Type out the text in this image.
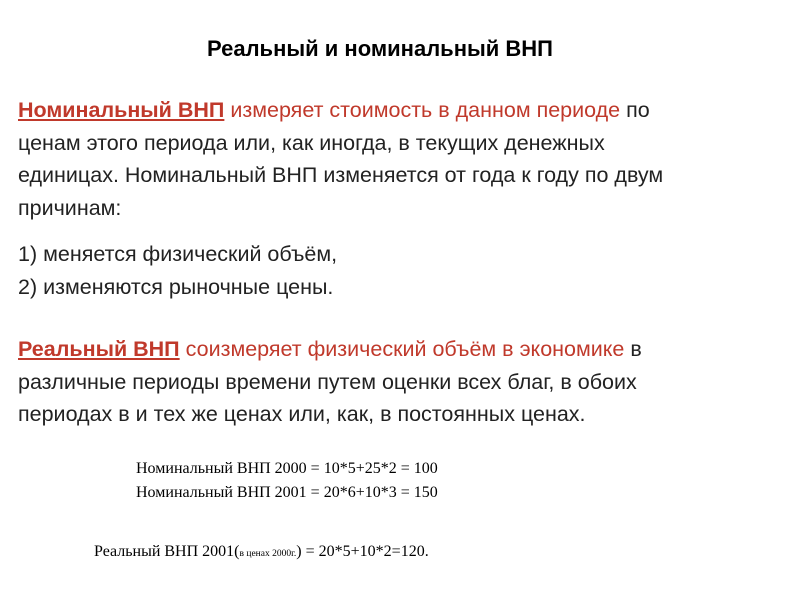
Реальный и номинальный ВНП
Номинальный ВНП измеряет стоимость в данном периоде по
ценам этого периода или, как иногда, в текущих денежных
единицах. Номинальный ВНП изменяется от года к году по двум
причинам:
1) меняется физический объём,
2) изменяются рыночные цены.
Реальный ВНП соизмеряет физический объём в экономике в
различные периоды времени путем оценки всех благ, в обоих
периодах в и тех же ценах или, как, в постоянных ценах.
Номинальный ВНП 2000 = 10*5+25*2 = 100
Номинальный ВНП 2001 = 20*6+10*3 = 150
Реальный ВНП 2001(в ценах 2000г.) = 20*5+10*2=120.
